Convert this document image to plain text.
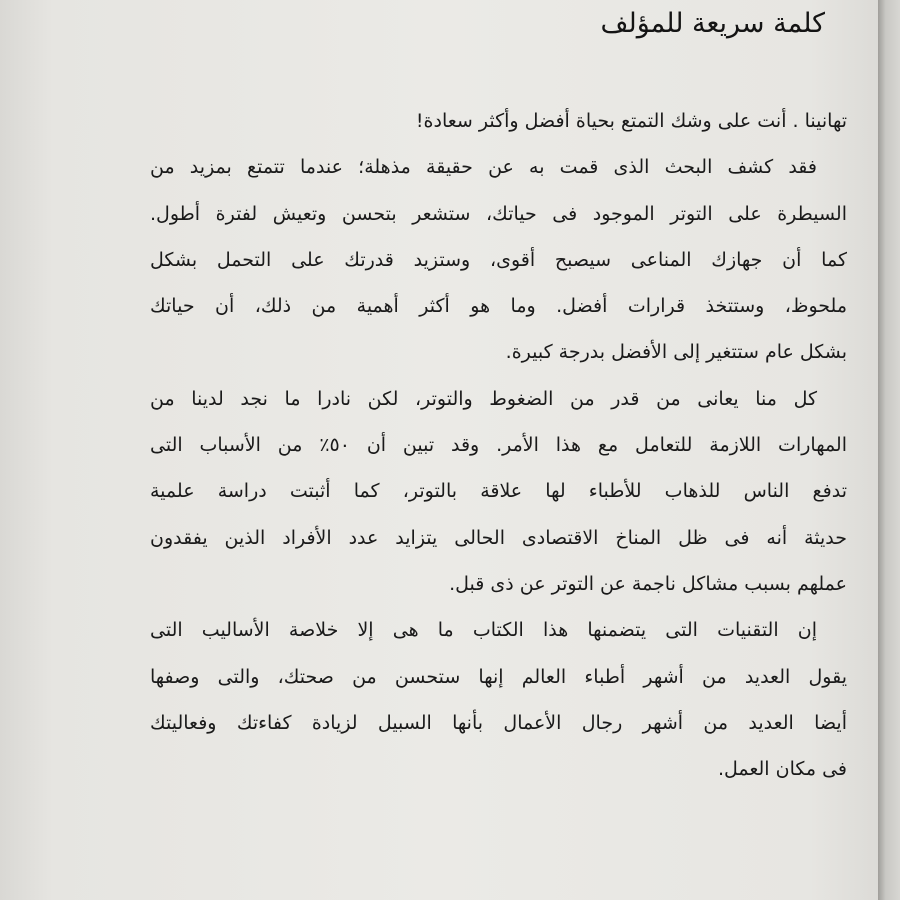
كلمة سريعة للمؤلف
تهانينا . أنت على وشك التمتع بحياة أفضل وأكثر سعادة!
فقد كشف البحث الذى قمت به عن حقيقة مذهلة؛ عندما تتمتع بمزيد من
السيطرة على التوتر الموجود فى حياتك، ستشعر بتحسن وتعيش لفترة أطول.
كما أن جهازك المناعى سيصبح أقوى، وستزيد قدرتك على التحمل بشكل
ملحوظ، وستتخذ قرارات أفضل. وما هو أكثر أهمية من ذلك، أن حياتك
بشكل عام ستتغير إلى الأفضل بدرجة كبيرة.
كل منا يعانى من قدر من الضغوط والتوتر، لكن نادرا ما نجد لدينا من
المهارات اللازمة للتعامل مع هذا الأمر. وقد تبين أن ٥٠٪ من الأسباب التى
تدفع الناس للذهاب للأطباء لها علاقة بالتوتر، كما أثبتت دراسة علمية
حديثة أنه فى ظل المناخ الاقتصادى الحالى يتزايد عدد الأفراد الذين يفقدون
عملهم بسبب مشاكل ناجمة عن التوتر عن ذى قبل.
إن التقنيات التى يتضمنها هذا الكتاب ما هى إلا خلاصة الأساليب التى
يقول العديد من أشهر أطباء العالم إنها ستحسن من صحتك، والتى وصفها
أيضا العديد من أشهر رجال الأعمال بأنها السبيل لزيادة كفاءتك وفعاليتك
فى مكان العمل.
